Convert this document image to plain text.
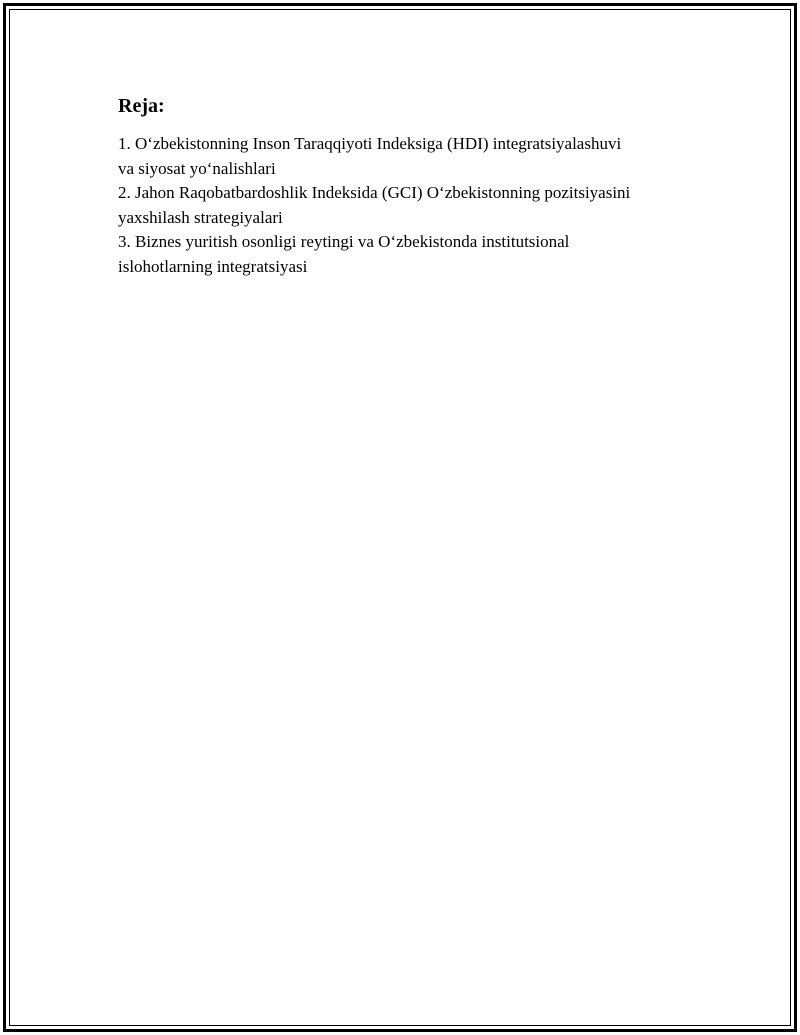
Reja:
1. O‘zbekistonning Inson Taraqqiyoti Indeksiga (HDI) integratsiyalashuvi
va siyosat yo‘nalishlari
2. Jahon Raqobatbardoshlik Indeksida (GCI) O‘zbekistonning pozitsiyasini
yaxshilash strategiyalari
3. Biznes yuritish osonligi reytingi va O‘zbekistonda institutsional
islohotlarning integratsiyasi
